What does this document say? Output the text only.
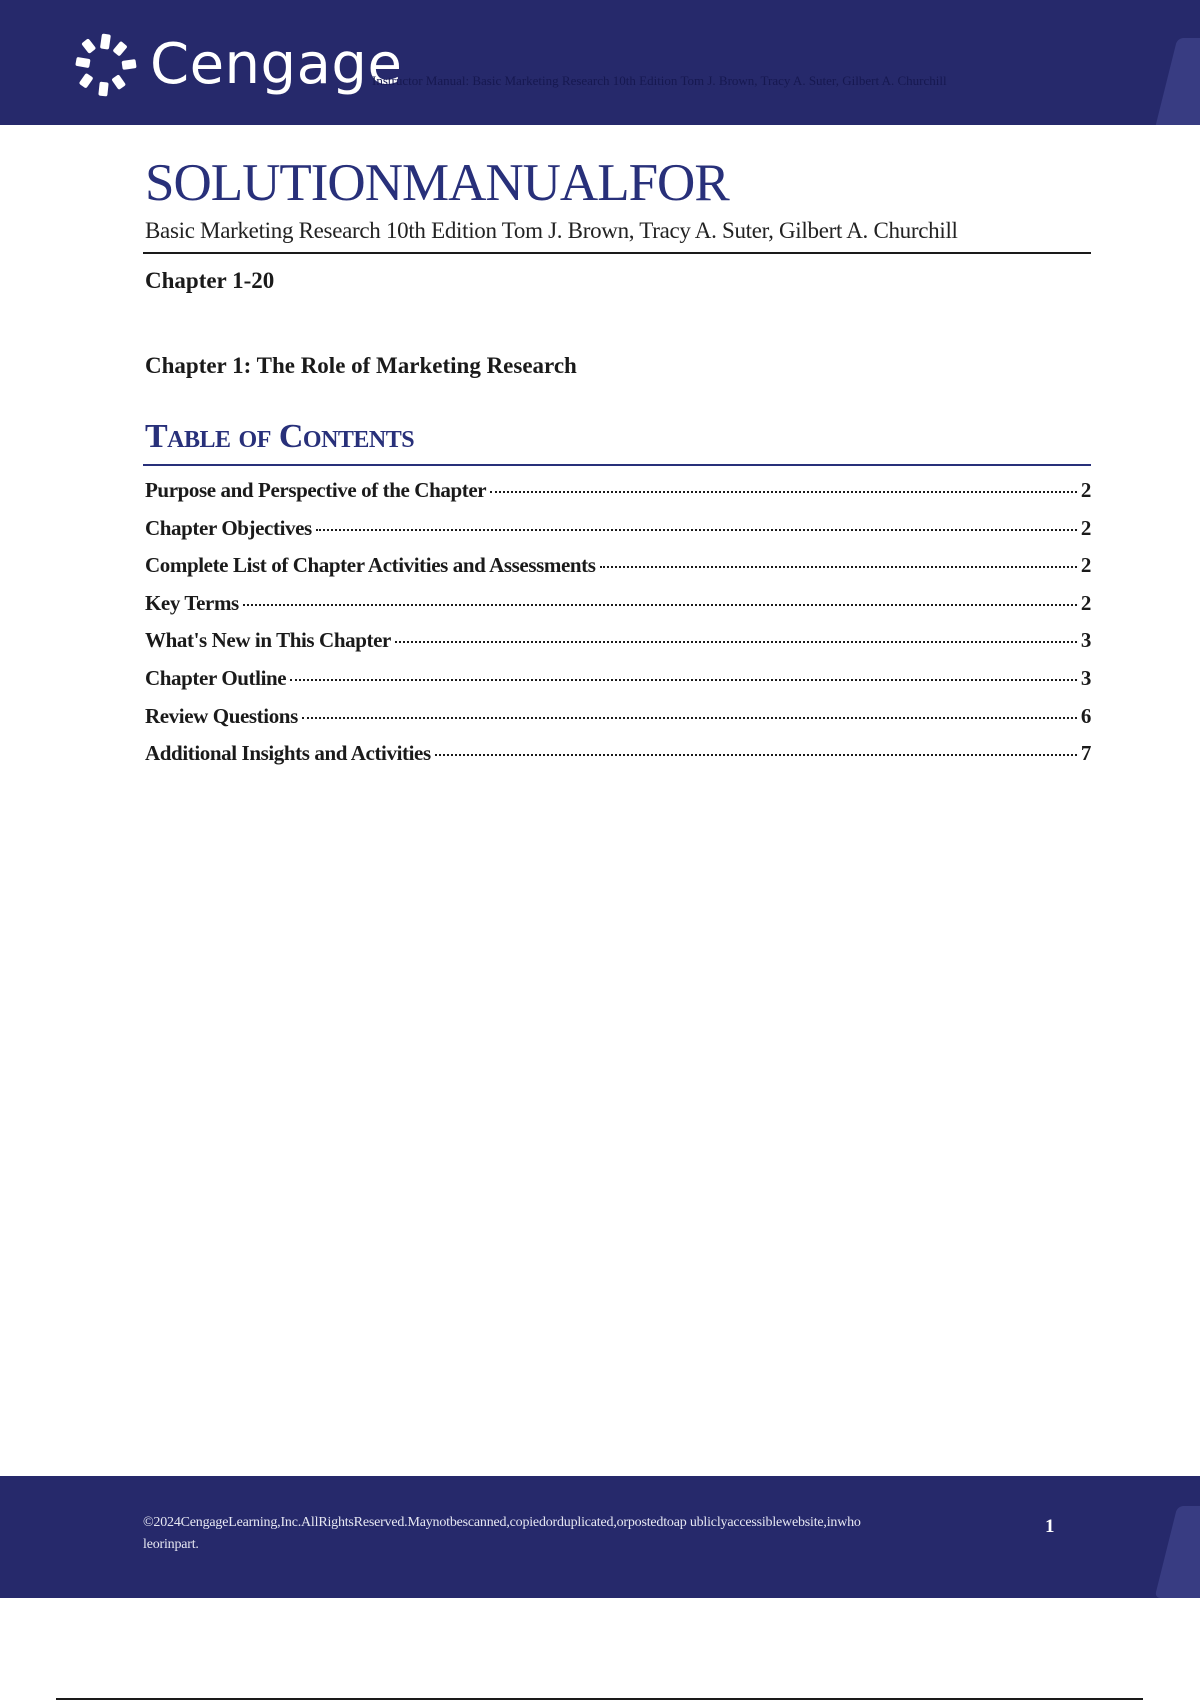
Cengage
Instructor Manual: Basic Marketing Research 10th Edition Tom J. Brown, Tracy A. Suter, Gilbert A. Churchill
SOLUTIONMANUALFOR
Basic Marketing Research 10th Edition Tom J. Brown, Tracy A. Suter, Gilbert A. Churchill
Chapter 1-20
Chapter 1: The Role of Marketing Research
Table of Contents
Purpose and Perspective of the Chapter	2
Chapter Objectives	2
Complete List of Chapter Activities and Assessments	2
Key Terms	2
What's New in This Chapter	3
Chapter Outline	3
Review Questions	6
Additional Insights and Activities	7
©2024CengageLearning,Inc.AllRightsReserved.Maynotbescanned,copiedorduplicated,orpostedtoap ubliclyaccessiblewebsite,inwholeorinpart.
1
